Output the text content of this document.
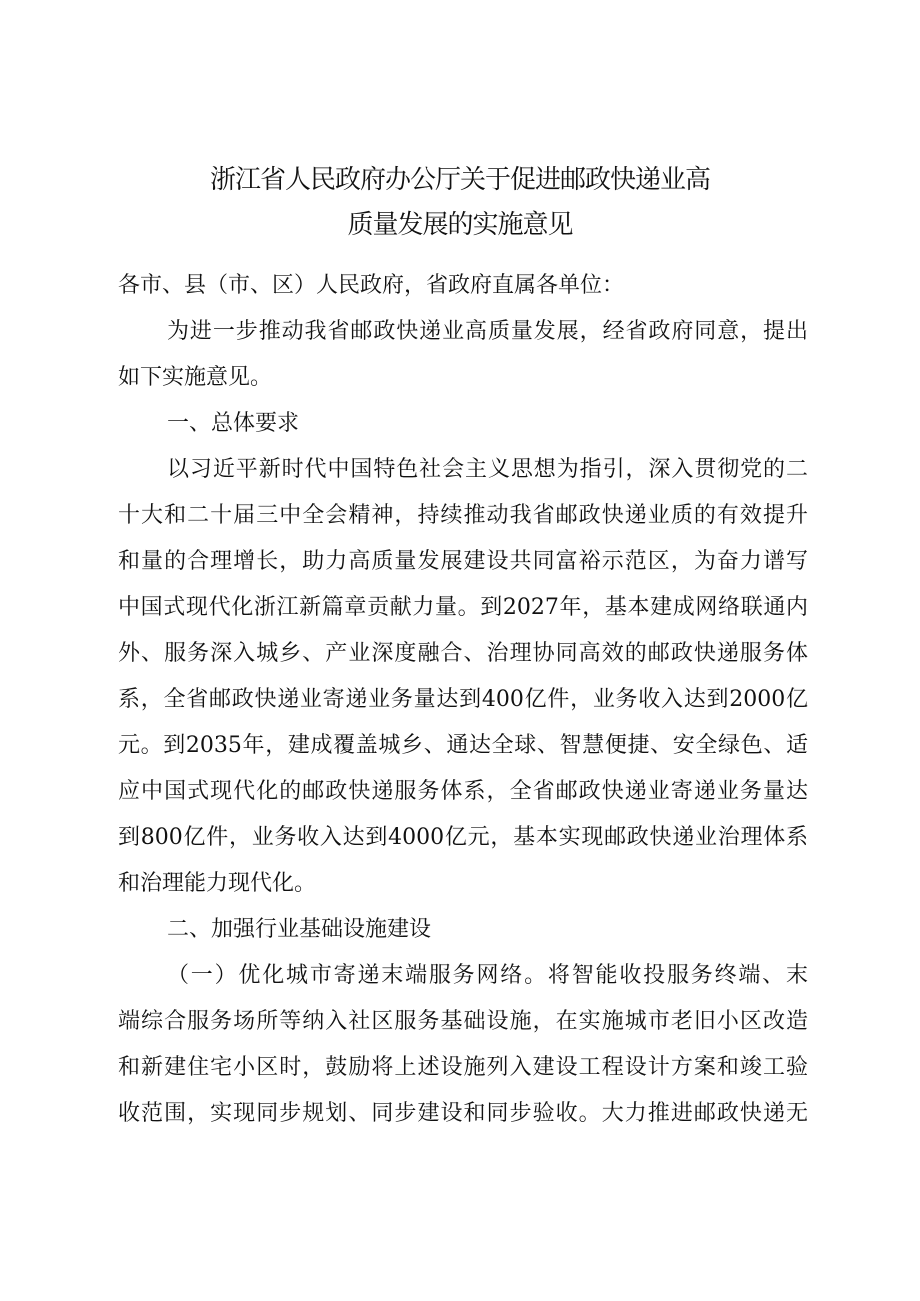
浙江省人民政府办公厅关于促进邮政快递业高
质量发展的实施意见
各市、县（市、区）人民政府，省政府直属各单位：
为进一步推动我省邮政快递业高质量发展，经省政府同意，提出
如下实施意见。
一、总体要求
以习近平新时代中国特色社会主义思想为指引，深入贯彻党的二
十大和二十届三中全会精神，持续推动我省邮政快递业质的有效提升
和量的合理增长，助力高质量发展建设共同富裕示范区，为奋力谱写
中国式现代化浙江新篇章贡献力量。到2027年，基本建成网络联通内
外、服务深入城乡、产业深度融合、治理协同高效的邮政快递服务体
系，全省邮政快递业寄递业务量达到400亿件，业务收入达到2000亿
元。到2035年，建成覆盖城乡、通达全球、智慧便捷、安全绿色、适
应中国式现代化的邮政快递服务体系，全省邮政快递业寄递业务量达
到800亿件，业务收入达到4000亿元，基本实现邮政快递业治理体系
和治理能力现代化。
二、加强行业基础设施建设
（一）优化城市寄递末端服务网络。将智能收投服务终端、末
端综合服务场所等纳入社区服务基础设施，在实施城市老旧小区改造
和新建住宅小区时，鼓励将上述设施列入建设工程设计方案和竣工验
收范围，实现同步规划、同步建设和同步验收。大力推进邮政快递无
